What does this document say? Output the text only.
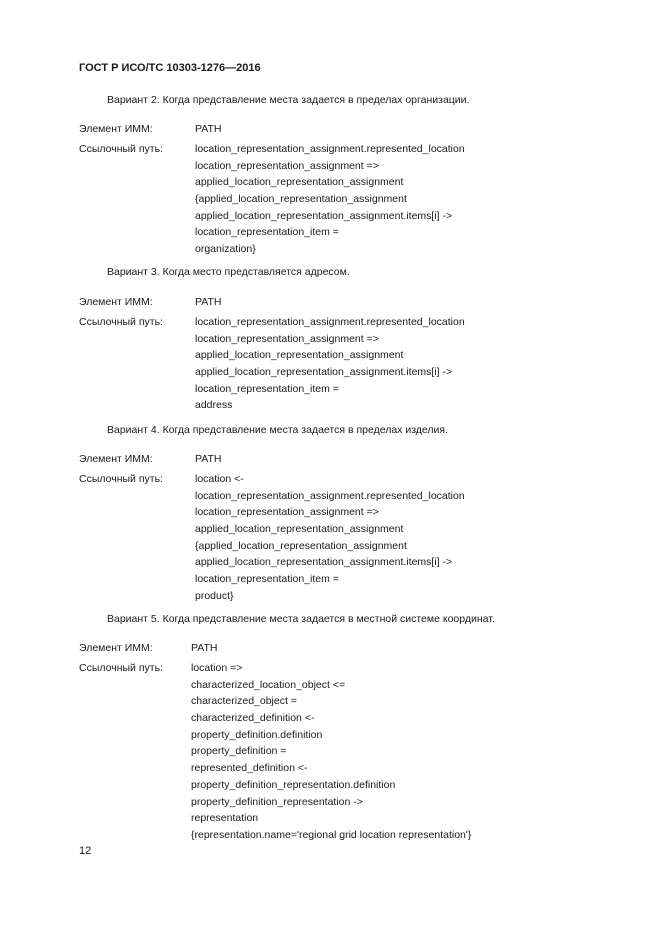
ГОСТ Р ИСО/ТС 10303-1276—2016
Вариант 2. Когда представление места задается в пределах организации.
Элемент ИММ:	PATH
Ссылочный путь:	location_representation_assignment.represented_location
location_representation_assignment =>
applied_location_representation_assignment
{applied_location_representation_assignment
applied_location_representation_assignment.items[i] ->
location_representation_item =
organization}
Вариант 3. Когда место представляется адресом.
Элемент ИММ:	PATH
Ссылочный путь:	location_representation_assignment.represented_location
location_representation_assignment =>
applied_location_representation_assignment
applied_location_representation_assignment.items[i] ->
location_representation_item =
address
Вариант 4. Когда представление места задается в пределах изделия.
Элемент ИММ:	PATH
Ссылочный путь:	location <-
location_representation_assignment.represented_location
location_representation_assignment =>
applied_location_representation_assignment
{applied_location_representation_assignment
applied_location_representation_assignment.items[i] ->
location_representation_item =
product}
Вариант 5. Когда представление места задается в местной системе координат.
Элемент ИММ:	PATH
Ссылочный путь:	location =>
characterized_location_object <=
characterized_object =
characterized_definition <-
property_definition.definition
property_definition =
represented_definition <-
property_definition_representation.definition
property_definition_representation ->
representation
{representation.name='regional grid location representation'}
12
